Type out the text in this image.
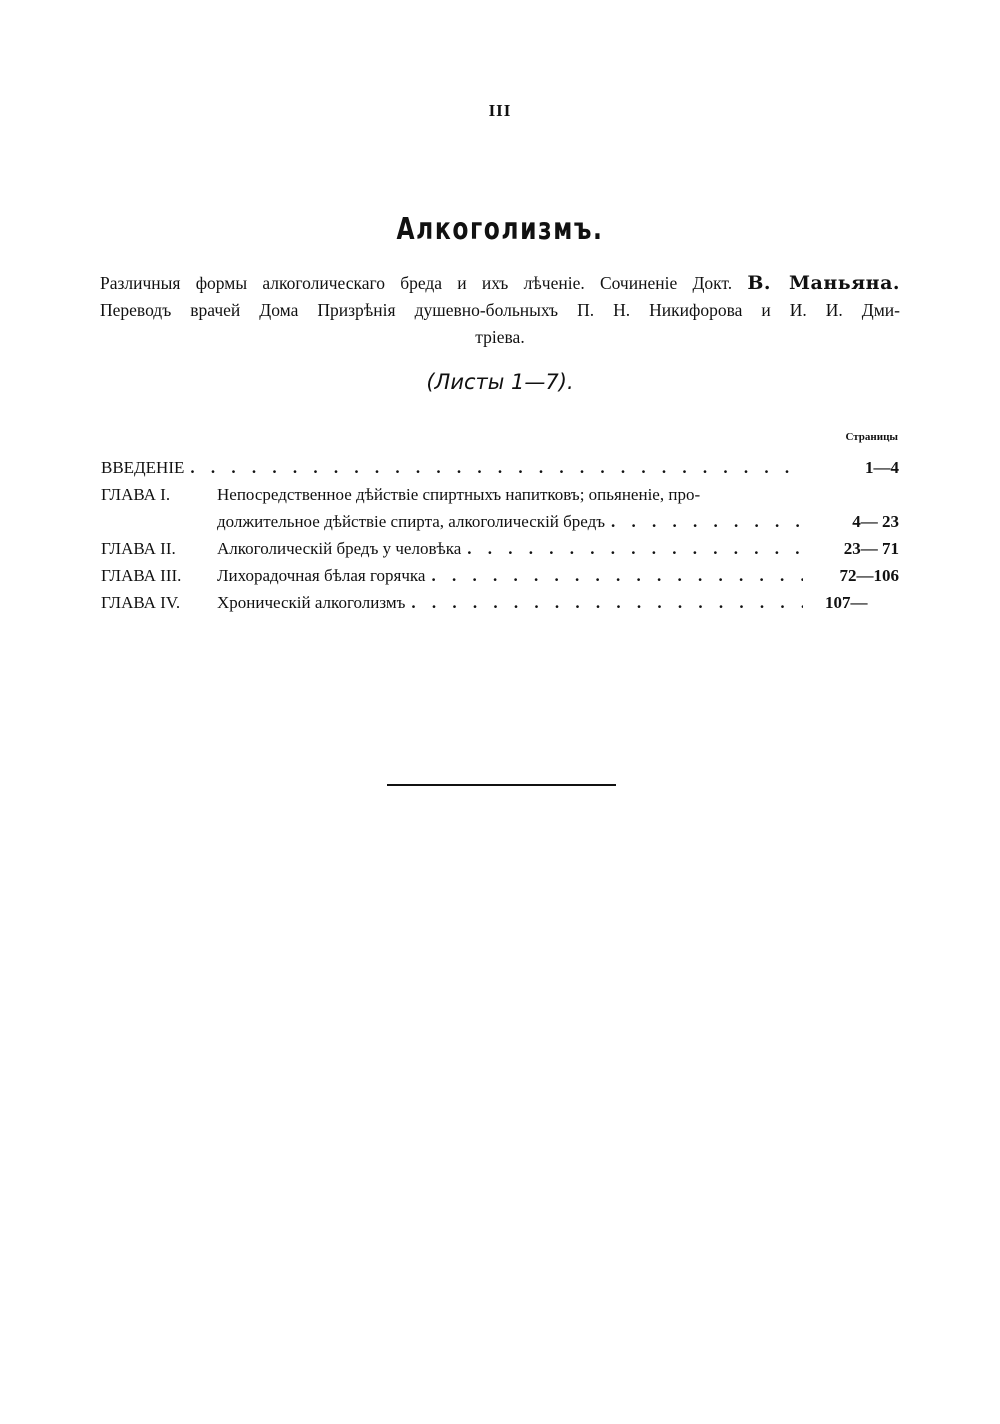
III
Алкоголизмъ.
Различныя формы алкоголическаго бреда и ихъ лѣченіе. Сочиненіе Докт. В. Маньяна.
Переводъ врачей Дома Призрѣнія душевно-больныхъ П. Н. Никифорова и И. И. Дми-
тріева.
(Листы 1—7).
Страницы
ВВЕДЕНІЕ . . .	1—4
ГЛАВА I.	Непосредственное дѣйствіе спиртныхъ напитковъ; опьяненіе, про-
должительное дѣйствіе спирта, алкоголическій бредъ . . .	4— 23
ГЛАВА II.	Алкоголическій бредъ у человѣка . . .	23— 71
ГЛАВА III.	Лихорадочная бѣлая горячка . . .	72—106
ГЛАВА IV.	Хроническій алкоголизмъ . . .	107—
